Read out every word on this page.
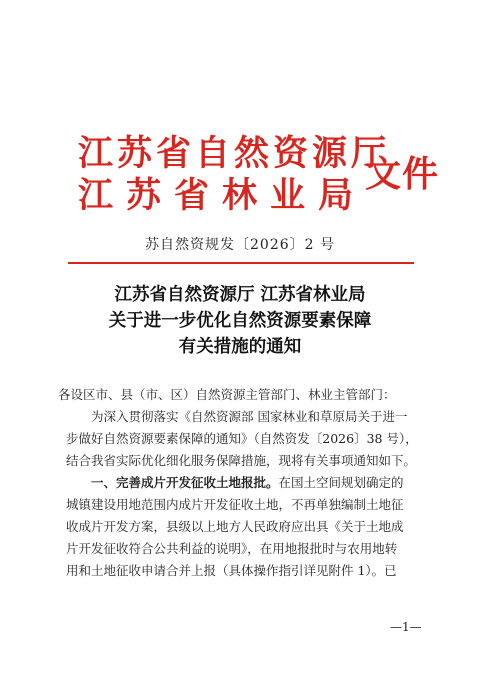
江苏省自然资源厅
江苏省林业局
文件
苏自然资规发〔2026〕2 号
江苏省自然资源厅 江苏省林业局
关于进一步优化自然资源要素保障
有关措施的通知
各设区市、县（市、区）自然资源主管部门、林业主管部门：
为深入贯彻落实《自然资源部 国家林业和草原局关于进一
步做好自然资源要素保障的通知》（自然资发〔2026〕38 号），
结合我省实际优化细化服务保障措施，现将有关事项通知如下。
一、完善成片开发征收土地报批。在国土空间规划确定的
城镇建设用地范围内成片开发征收土地，不再单独编制土地征
收成片开发方案，县级以上地方人民政府应出具《关于土地成
片开发征收符合公共利益的说明》，在用地报批时与农用地转
用和土地征收申请合并上报（具体操作指引详见附件 1）。已
—1—
